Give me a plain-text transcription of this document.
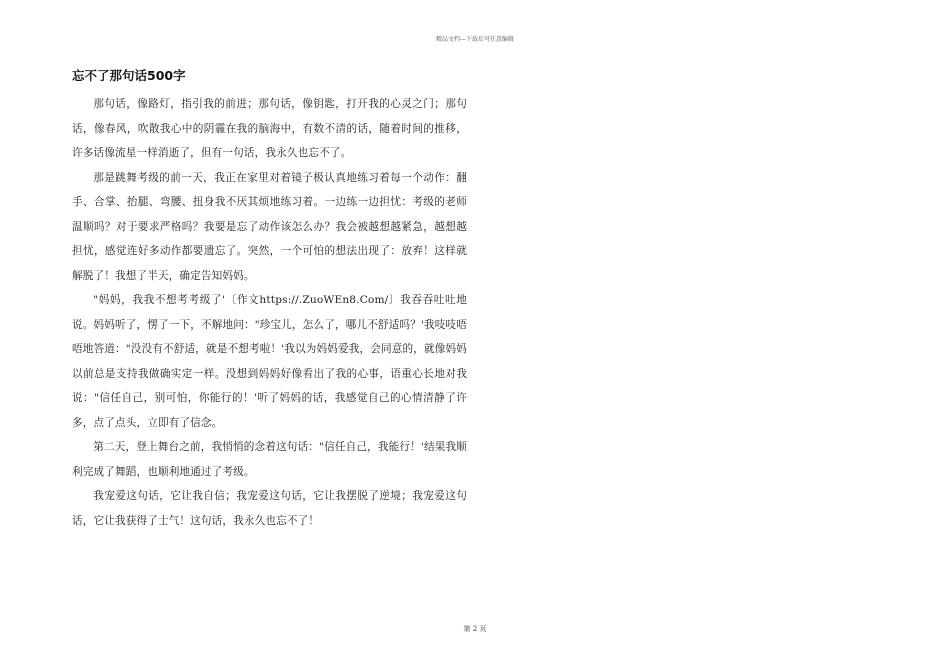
精品文档---下载后可任意编辑
忘不了那句话500字

那句话，像路灯，指引我的前进；那句话，像钥匙，打开我的心灵之门；那句话，像春风，吹散我心中的阴霾在我的脑海中，有数不清的话，随着时间的推移，许多话像流星一样消逝了，但有一句话，我永久也忘不了。

那是跳舞考级的前一天，我正在家里对着镜子极认真地练习着每一个动作：翻手、合掌、抬腿、弯腰、扭身我不厌其烦地练习着。一边练一边担忧：考级的老师温顺吗？对于要求严格吗？我要是忘了动作该怎么办？我会被越想越紧急，越想越担忧，感觉连好多动作都要遗忘了。突然，一个可怕的想法出现了：放弃！这样就解脱了！我想了半天，确定告知妈妈。

"妈妈，我我不想考考级了'〔作文https://.ZuoWEn8.Com/〕我吞吞吐吐地说。妈妈听了，愣了一下，不解地问："珍宝儿，怎么了，哪儿不舒适吗？'我吱吱唔唔地答道："没没有不舒适，就是不想考啦！'我以为妈妈爱我，会同意的，就像妈妈以前总是支持我做确实定一样。没想到妈妈好像看出了我的心事，语重心长地对我说："信任自己，别可怕，你能行的！'听了妈妈的话，我感觉自己的心情清静了许多，点了点头，立即有了信念。

第二天，登上舞台之前，我悄悄的念着这句话："信任自己，我能行！'结果我顺利完成了舞蹈，也顺利地通过了考级。

我宠爱这句话，它让我自信；我宠爱这句话，它让我摆脱了逆境；我宠爱这句话，它让我获得了士气！这句话，我永久也忘不了！

第 2 页
